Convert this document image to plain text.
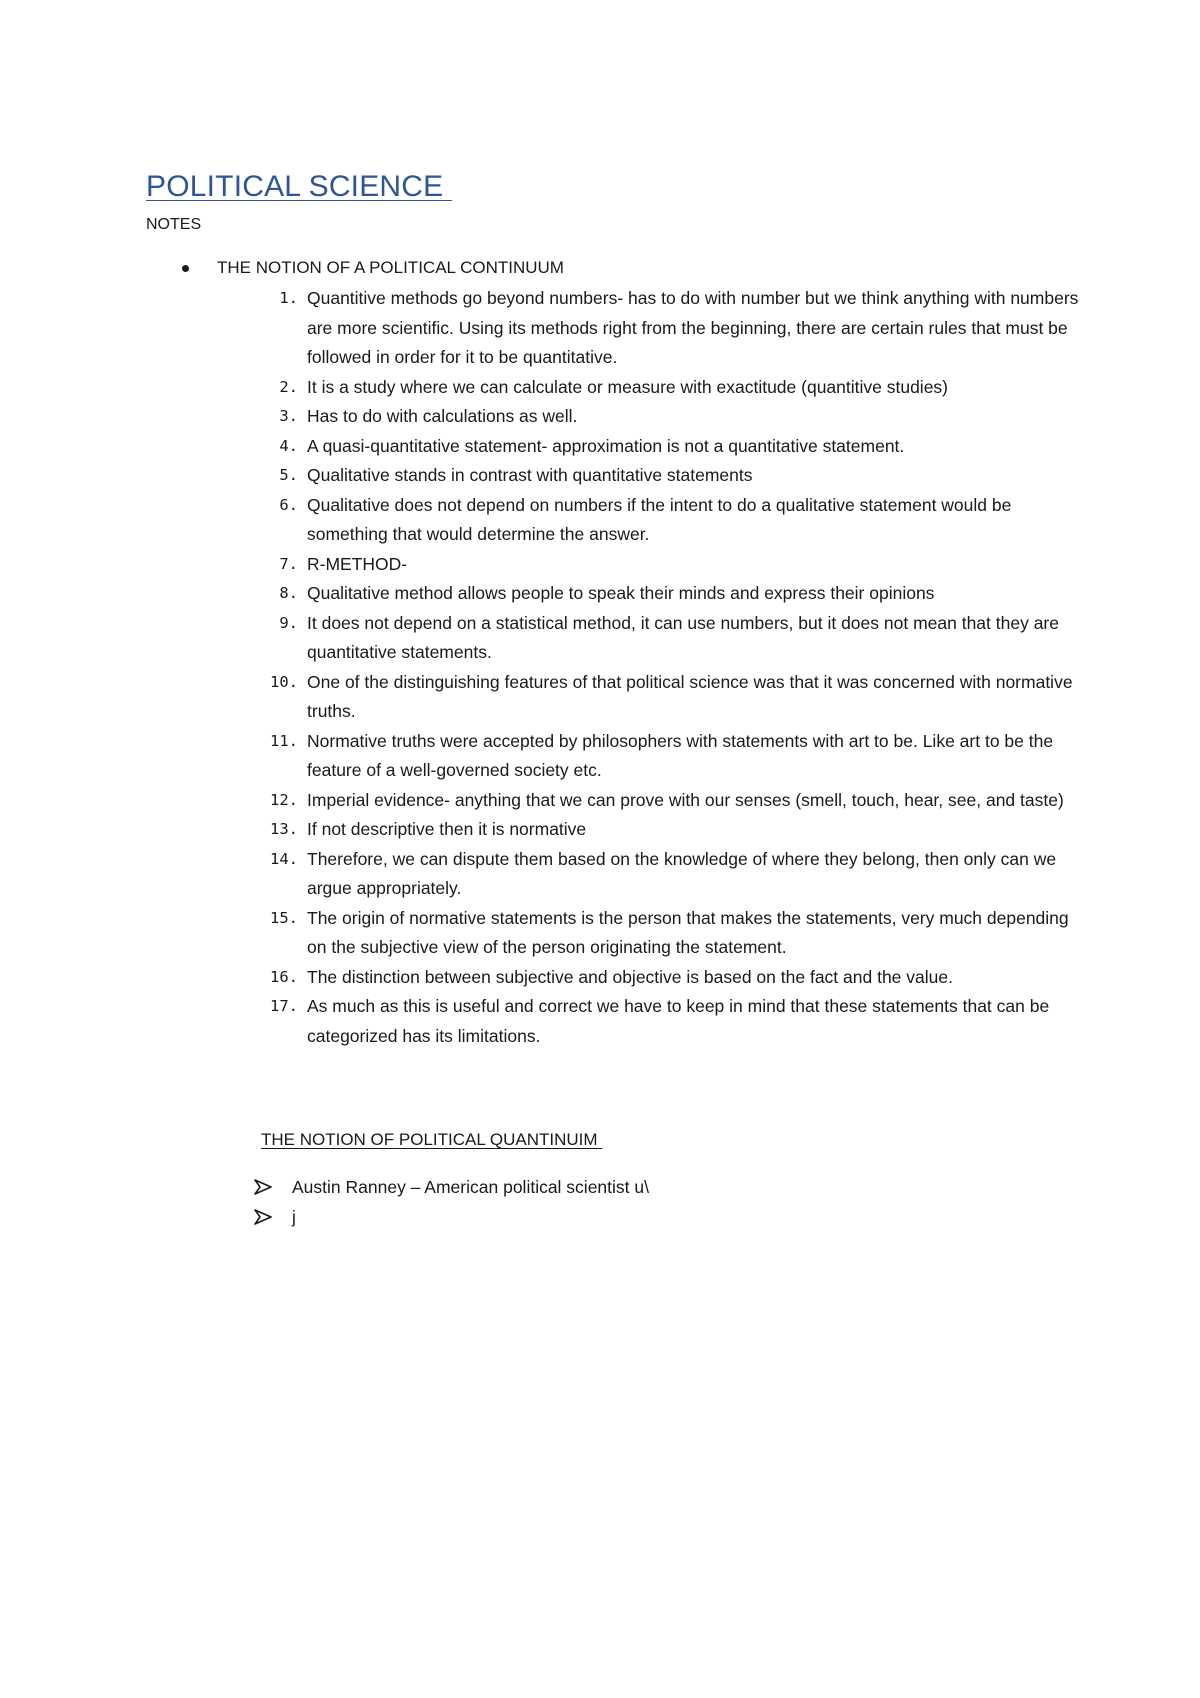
POLITICAL SCIENCE
NOTES
THE NOTION OF A POLITICAL CONTINUUM
1. Quantitive methods go beyond numbers- has to do with number but we think anything with numbers are more scientific. Using its methods right from the beginning, there are certain rules that must be followed in order for it to be quantitative.
2. It is a study where we can calculate or measure with exactitude (quantitive studies)
3. Has to do with calculations as well.
4. A quasi-quantitative statement- approximation is not a quantitative statement.
5. Qualitative stands in contrast with quantitative statements
6. Qualitative does not depend on numbers if the intent to do a qualitative statement would be something that would determine the answer.
7. R-METHOD-
8. Qualitative method allows people to speak their minds and express their opinions
9. It does not depend on a statistical method, it can use numbers, but it does not mean that they are quantitative statements.
10. One of the distinguishing features of that political science was that it was concerned with normative truths.
11. Normative truths were accepted by philosophers with statements with art to be. Like art to be the feature of a well-governed society etc.
12. Imperial evidence- anything that we can prove with our senses (smell, touch, hear, see, and taste)
13. If not descriptive then it is normative
14. Therefore, we can dispute them based on the knowledge of where they belong, then only can we argue appropriately.
15. The origin of normative statements is the person that makes the statements, very much depending on the subjective view of the person originating the statement.
16. The distinction between subjective and objective is based on the fact and the value.
17. As much as this is useful and correct we have to keep in mind that these statements that can be categorized has its limitations.
THE NOTION OF POLITICAL QUANTINUIM
Austin Ranney – American political scientist u\
j
